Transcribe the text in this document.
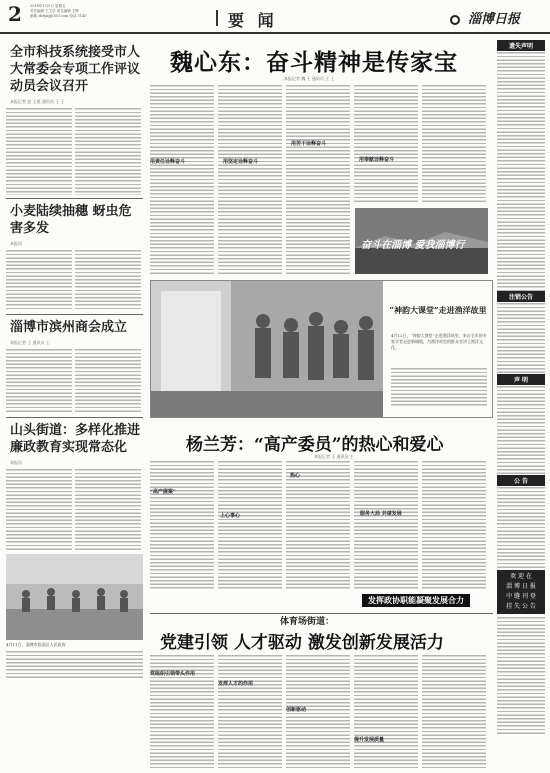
2 2018年1月5日 星期五
责任编辑 王王乐 美术编辑 王辉
邮箱 zbdykj@163.com 电话 3140	要 闻	淄博日报
全市科技系统接受市人大常委会专项工作评议动员会议召开
本报记者 赵 王建 通讯员 王 王
小麦陆续抽穗 蚜虫危害多发
本报讯
淄博市滨州商会成立
本报记者 王 通讯员 王
山头街道：多样化推进廉政教育实现常态化
本报讯
4月11日，淄博市临淄区人民政府
魏心东：奋斗精神是传家宝
本报记者 魏 王 通讯员 王 王
用苦干诠释奋斗
用奉献诠释奋斗
用责任诠释奋斗	用坚定诠释奋斗
奋斗在淄博 爱我淄博行
“神韵大课堂”走进渔洋故里
4月12日，“神韵大课堂”走进渔洋故里，来自全市的专家学者走进新城镇，为渔洋故里的群众宣讲王渔洋文化。
杨兰芳：“高产委员”的热心和爱心
本报记者 王 通讯员 王
“高产提案”
上心事心
热心
服务大局 共谋发展
发挥政协职能凝聚发展合力
体育场街道：
党建引领 人才驱动 激发创新发展活力
党组织引领带头作用
发挥人才的作用
创新驱动
提升发展质量
遗失声明
注销公告
声 明
公 告
欢 迎 在
淄 博 日 报
中 缝 刊 登
挂 失 公 告
